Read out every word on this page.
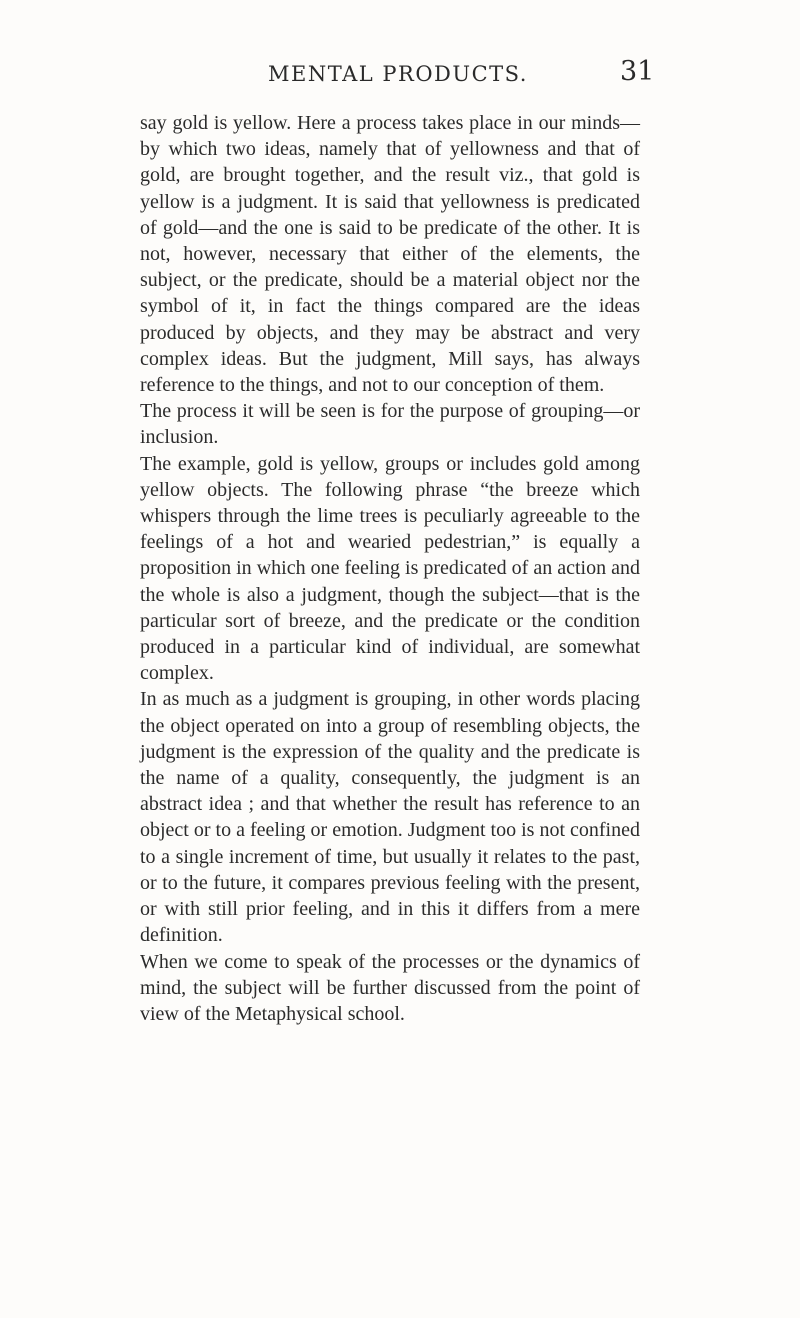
MENTAL PRODUCTS.	31

say gold is yellow. Here a process takes place in our minds—by which two ideas, namely that of yellowness and that of gold, are brought together, and the result viz., that gold is yellow is a judgment. It is said that yellowness is predicated of gold—and the one is said to be predicate of the other. It is not, however, necessary that either of the elements, the subject, or the predicate, should be a material object nor the symbol of it, in fact the things compared are the ideas produced by objects, and they may be abstract and very complex ideas. But the judgment, Mill says, has always reference to the things, and not to our conception of them.

The process it will be seen is for the purpose of grouping—or inclusion.

The example, gold is yellow, groups or includes gold among yellow objects. The following phrase “the breeze which whispers through the lime trees is peculiarly agreeable to the feelings of a hot and wearied pedestrian,” is equally a proposition in which one feeling is predicated of an action and the whole is also a judgment, though the subject—that is the particular sort of breeze, and the predicate or the condition produced in a particular kind of individual, are somewhat complex.

In as much as a judgment is grouping, in other words placing the object operated on into a group of resembling objects, the judgment is the expression of the quality and the predicate is the name of a quality, consequently, the judgment is an abstract idea ; and that whether the result has reference to an object or to a feeling or emotion. Judgment too is not confined to a single increment of time, but usually it relates to the past, or to the future, it compares previous feeling with the present, or with still prior feeling, and in this it differs from a mere definition.

When we come to speak of the processes or the dynamics of mind, the subject will be further discussed from the point of view of the Metaphysical school.
